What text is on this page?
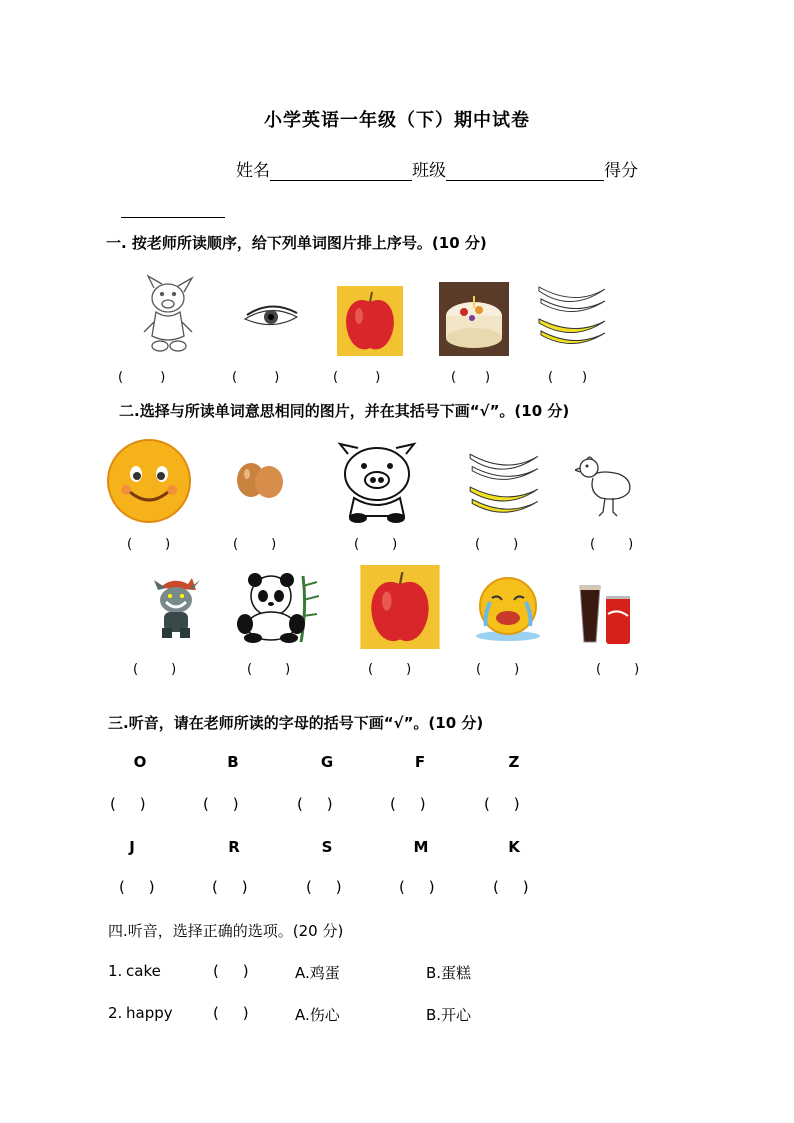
小学英语一年级（下）期中试卷
姓名	班级	得分
一. 按老师所读顺序，给下列单词图片排上序号。(10 分)
(         )	(         )	(         )	(       )	(       )
二.选择与所读单词意思相同的图片，并在其括号下画“√”。(10 分)
(        )	(        )	(        )	(        )	(        )
(        )	(        )	(        )	(        )	(        )
三.听音，请在老师所读的字母的括号下画“√”。(10 分)
O	B	G	F	Z
(     )	(     )	(     )	(     )	(     )
J	R	S	M	K
(     )	(     )	(     )	(     )	(     )
四.听音，选择正确的选项。(20 分)
1. cake	(     )	A.鸡蛋	B.蛋糕
2. happy	(     )	A.伤心	B.开心
